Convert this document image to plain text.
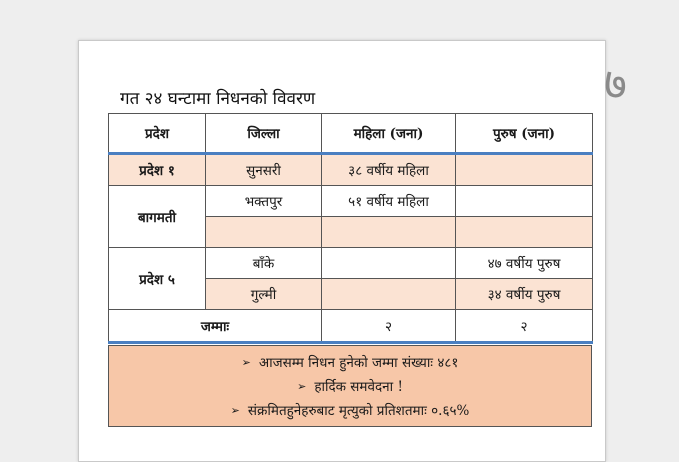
७
गत २४ घन्टामा निधनको विवरण
प्रदेश	जिल्ला	महिला (जना)	पुरुष (जना)
प्रदेश १	सुनसरी	३८ वर्षीय महिला	
बागमती	भक्तपुर	५१ वर्षीय महिला	

प्रदेश ५	बाँके		४७ वर्षीय पुरुष
	गुल्मी		३४ वर्षीय पुरुष
जम्माः		२	२
➢ आजसम्म निधन हुनेको जम्मा संख्याः ४८१
➢ हार्दिक समवेदना !
➢ संक्रमितहुनेहरुबाट मृत्युको प्रतिशतमाः ०.६५%
